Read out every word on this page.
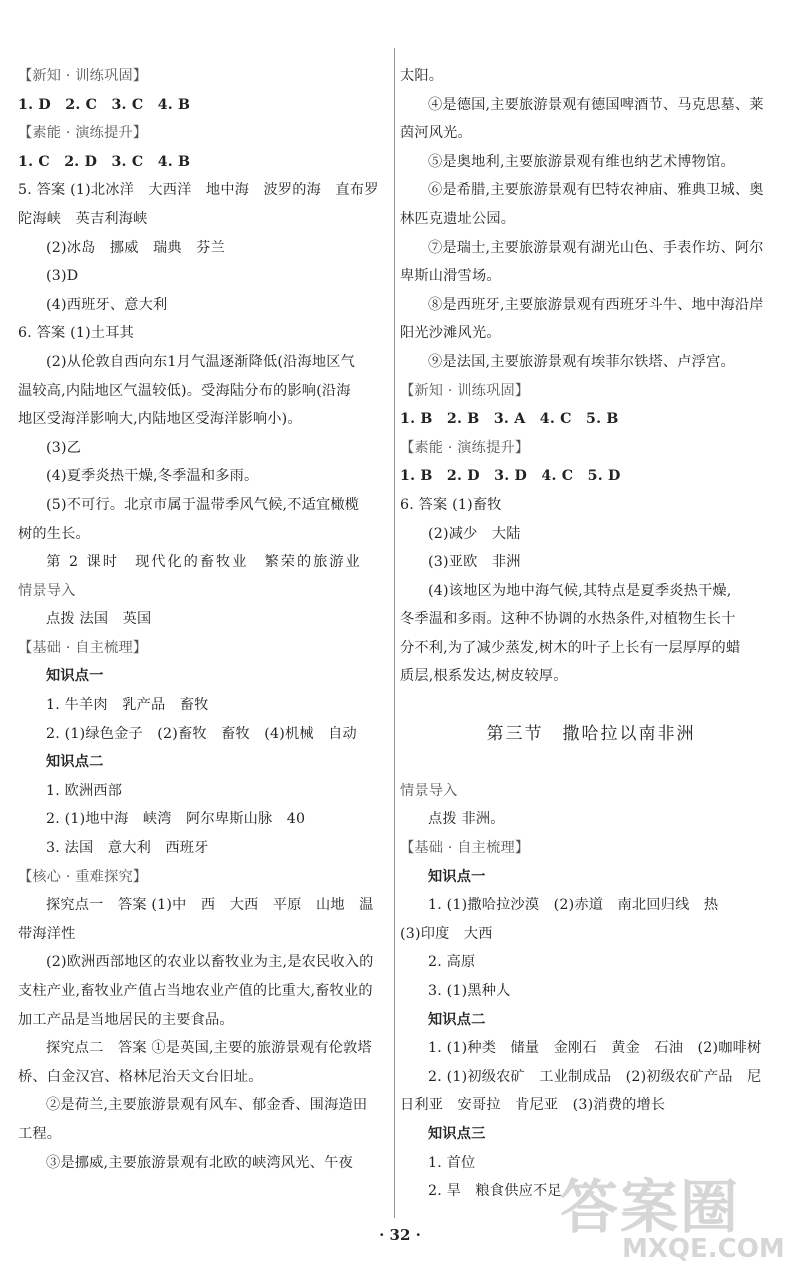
【新知 · 训练巩固】
1. D　2. C　3. C　4. B
【素能 · 演练提升】
1. C　2. D　3. C　4. B
5. 答案 (1)北冰洋　大西洋　地中海　波罗的海　直布罗
陀海峡　英吉利海峡
(2)冰岛　挪威　瑞典　芬兰
(3)D
(4)西班牙、意大利
6. 答案 (1)土耳其
(2)从伦敦自西向东1月气温逐渐降低(沿海地区气
温较高,内陆地区气温较低)。受海陆分布的影响(沿海
地区受海洋影响大,内陆地区受海洋影响小)。
(3)乙
(4)夏季炎热干燥,冬季温和多雨。
(5)不可行。北京市属于温带季风气候,不适宜橄榄
树的生长。
第 2 课时　现代化的畜牧业　繁荣的旅游业
情景导入
点拨 法国　英国
【基础 · 自主梳理】
知识点一
1. 牛羊肉　乳产品　畜牧
2. (1)绿色金子　(2)畜牧　畜牧　(4)机械　自动
知识点二
1. 欧洲西部
2. (1)地中海　峡湾　阿尔卑斯山脉　40
3. 法国　意大利　西班牙
【核心 · 重难探究】
探究点一　答案 (1)中　西　大西　平原　山地　温
带海洋性
(2)欧洲西部地区的农业以畜牧业为主,是农民收入的
支柱产业,畜牧业产值占当地农业产值的比重大,畜牧业的
加工产品是当地居民的主要食品。
探究点二　答案 ①是英国,主要的旅游景观有伦敦塔
桥、白金汉宫、格林尼治天文台旧址。
②是荷兰,主要旅游景观有风车、郁金香、围海造田
工程。
③是挪威,主要旅游景观有北欧的峡湾风光、午夜
太阳。
④是德国,主要旅游景观有德国啤酒节、马克思墓、莱
茵河风光。
⑤是奥地利,主要旅游景观有维也纳艺术博物馆。
⑥是希腊,主要旅游景观有巴特农神庙、雅典卫城、奥
林匹克遗址公园。
⑦是瑞士,主要旅游景观有湖光山色、手表作坊、阿尔
卑斯山滑雪场。
⑧是西班牙,主要旅游景观有西班牙斗牛、地中海沿岸
阳光沙滩风光。
⑨是法国,主要旅游景观有埃菲尔铁塔、卢浮宫。
【新知 · 训练巩固】
1. B　2. B　3. A　4. C　5. B
【素能 · 演练提升】
1. B　2. D　3. D　4. C　5. D
6. 答案 (1)畜牧
(2)减少　大陆
(3)亚欧　非洲
(4)该地区为地中海气候,其特点是夏季炎热干燥,
冬季温和多雨。这种不协调的水热条件,对植物生长十
分不利,为了减少蒸发,树木的叶子上长有一层厚厚的蜡
质层,根系发达,树皮较厚。
第三节　撒哈拉以南非洲
情景导入
点拨 非洲。
【基础 · 自主梳理】
知识点一
1. (1)撒哈拉沙漠　(2)赤道　南北回归线　热
(3)印度　大西
2. 高原
3. (1)黑种人
知识点二
1. (1)种类　储量　金刚石　黄金　石油　(2)咖啡树
2. (1)初级农矿　工业制成品　(2)初级农矿产品　尼
日利亚　安哥拉　肯尼亚　(3)消费的增长
知识点三
1. 首位
2. 旱　粮食供应不足
· 32 ·	答案圈
MXQE.COM
